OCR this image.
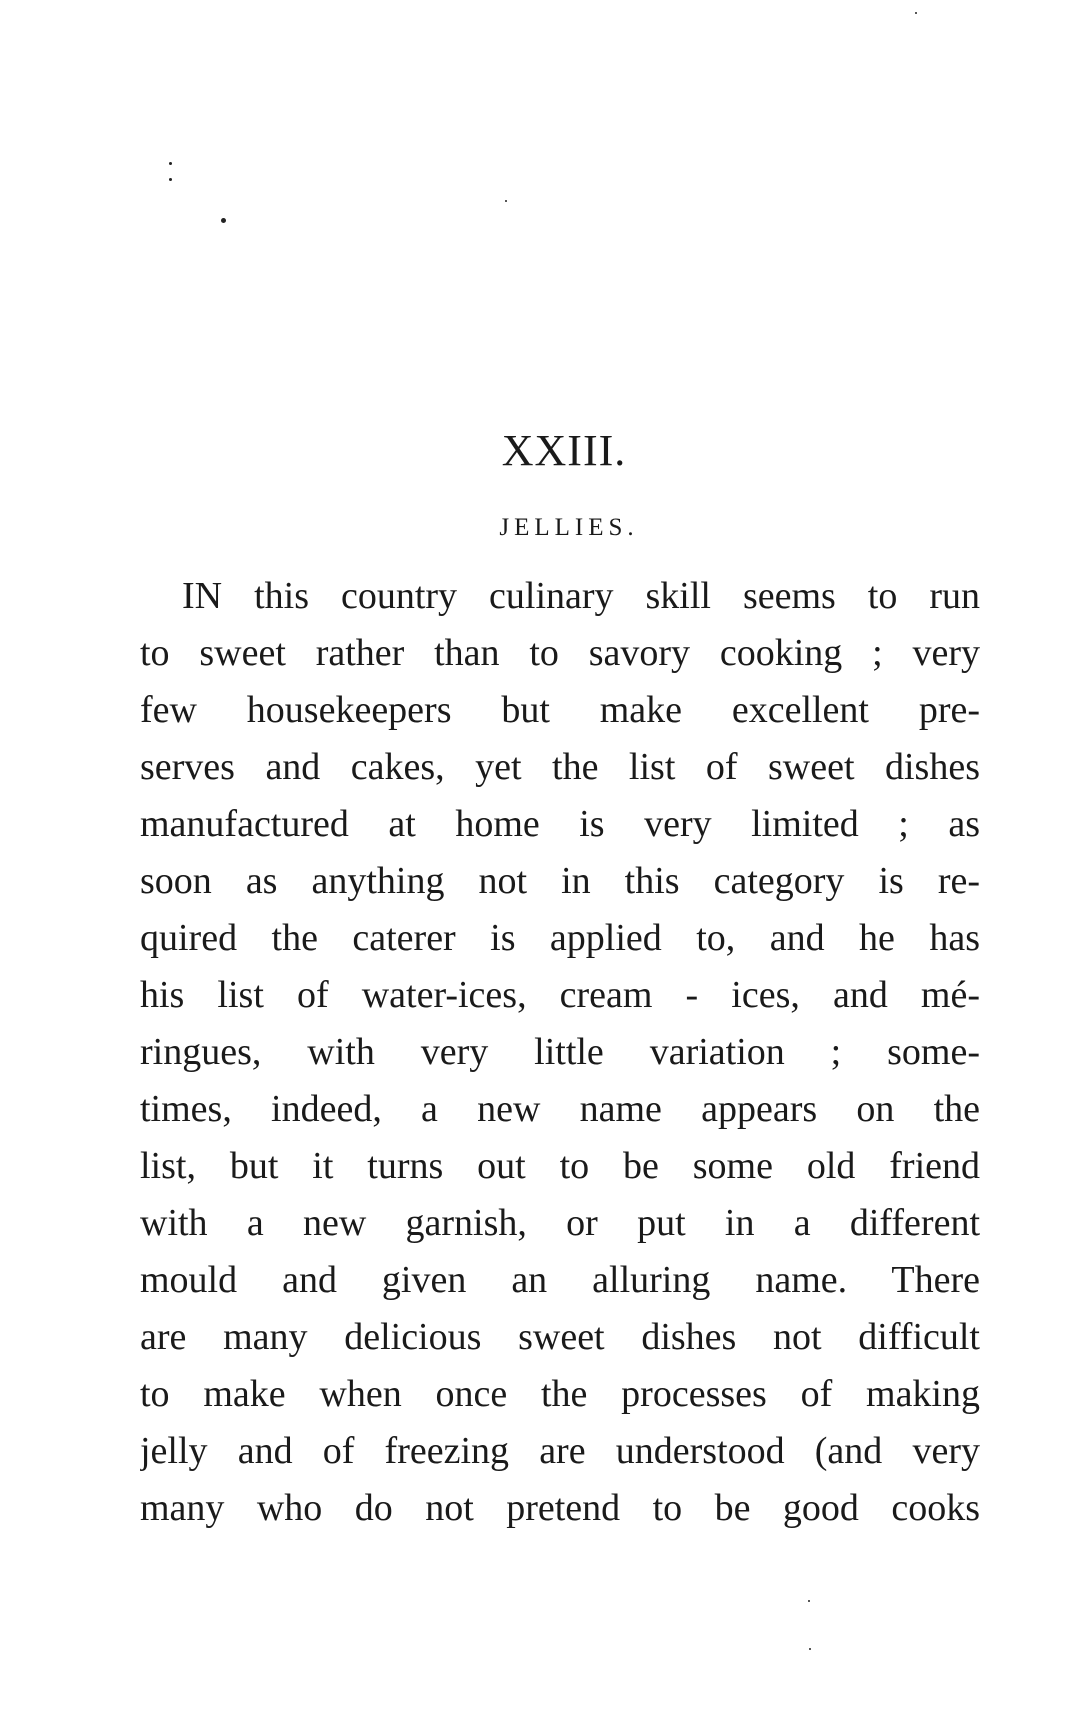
XXIII.
JELLIES.
IN this country culinary skill seems to run
to sweet rather than to savory cooking ; very
few housekeepers but make excellent pre-
serves and cakes, yet the list of sweet dishes
manufactured at home is very limited ; as
soon as anything not in this category is re-
quired the caterer is applied to, and he has
his list of water-ices, cream - ices, and mé-
ringues, with very little variation ; some-
times, indeed, a new name appears on the
list, but it turns out to be some old friend
with a new garnish, or put in a different
mould and given an alluring name. There
are many delicious sweet dishes not difficult
to make when once the processes of making
jelly and of freezing are understood (and very
many who do not pretend to be good cooks
